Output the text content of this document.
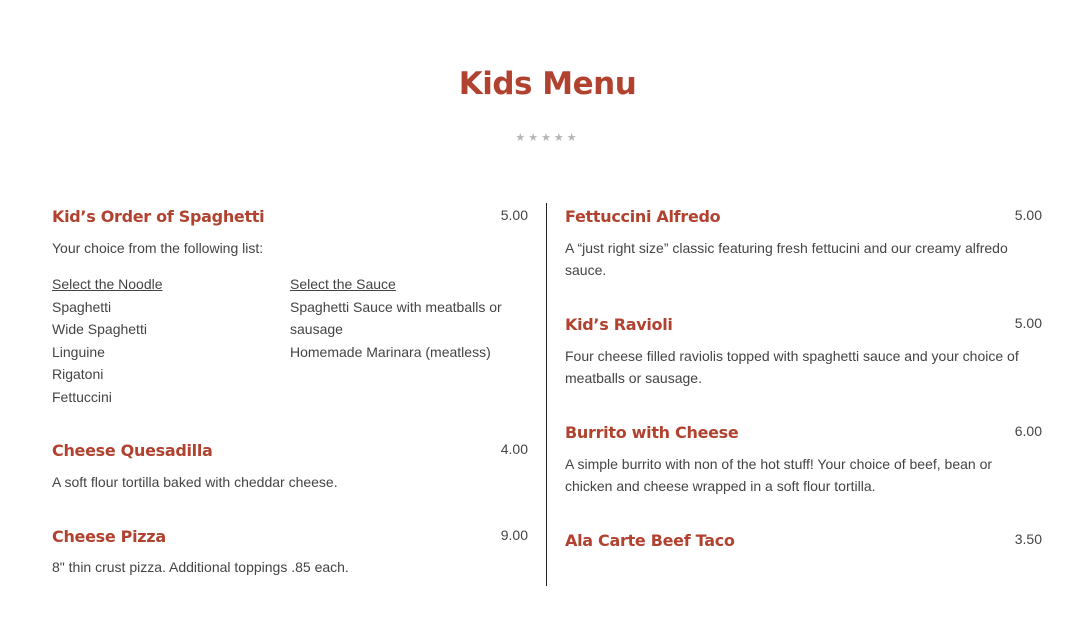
Kids Menu
★★★★★
Kid’s Order of Spaghetti	5.00
Your choice from the following list:
Select the Noodle
Spaghetti
Wide Spaghetti
Linguine
Rigatoni
Fettuccini
Select the Sauce
Spaghetti Sauce with meatballs or sausage
Homemade Marinara (meatless)
Cheese Quesadilla	4.00
A soft flour tortilla baked with cheddar cheese.
Cheese Pizza	9.00
8" thin crust pizza. Additional toppings .85 each.
Fettuccini Alfredo	5.00
A “just right size” classic featuring fresh fettucini and our creamy alfredo sauce.
Kid’s Ravioli	5.00
Four cheese filled raviolis topped with spaghetti sauce and your choice of meatballs or sausage.
Burrito with Cheese	6.00
A simple burrito with non of the hot stuff! Your choice of beef, bean or chicken and cheese wrapped in a soft flour tortilla.
Ala Carte Beef Taco	3.50
